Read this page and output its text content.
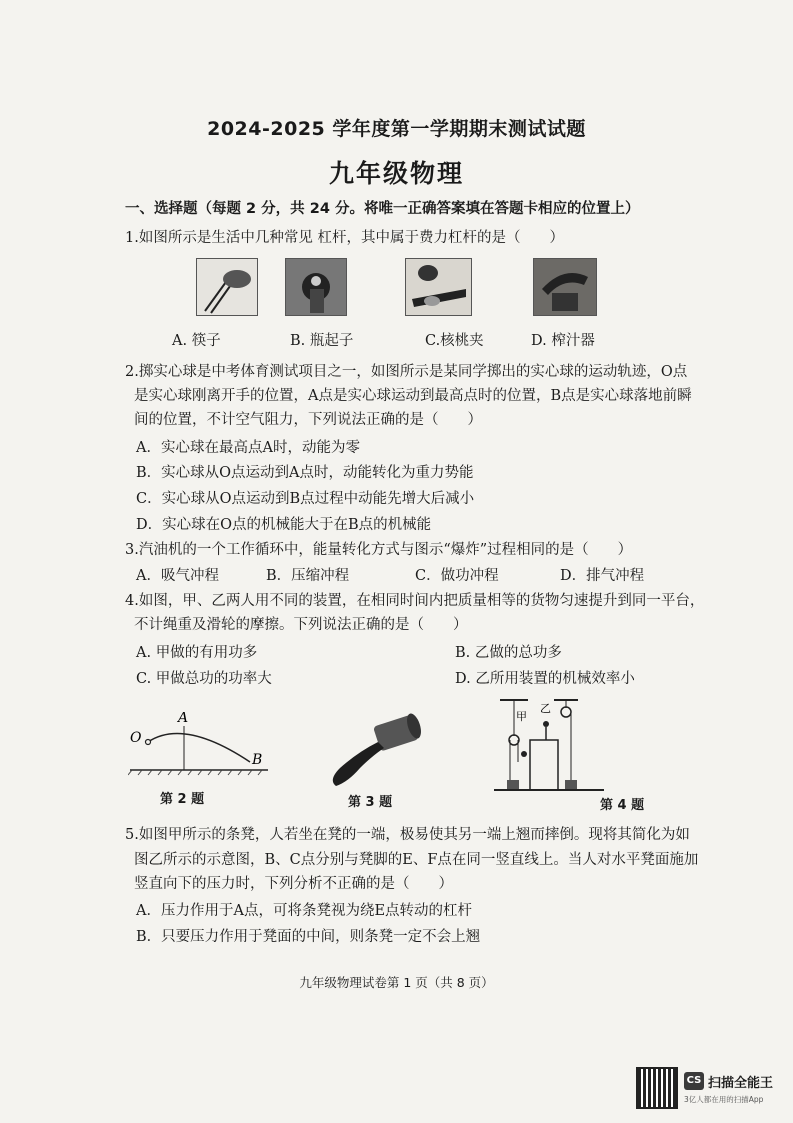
2024-2025 学年度第一学期期末测试试题
九年级物理
一、选择题（每题 2 分，共 24 分。将唯一正确答案填在答题卡相应的位置上）
1.如图所示是生活中几种常见 杠杆，其中属于费力杠杆的是（　　）
A. 筷子	B. 瓶起子	C.核桃夹	D. 榨汁器
2.掷实心球是中考体育测试项目之一，如图所示是某同学掷出的实心球的运动轨迹，O点
是实心球刚离开手的位置，A点是实心球运动到最高点时的位置，B点是实心球落地前瞬
间的位置，不计空气阻力，下列说法正确的是（　　）
A．实心球在最高点A时，动能为零
B．实心球从O点运动到A点时，动能转化为重力势能
C．实心球从O点运动到B点过程中动能先增大后减小
D．实心球在O点的机械能大于在B点的机械能
3.汽油机的一个工作循环中，能量转化方式与图示“爆炸”过程相同的是（　　）
A．吸气冲程	B．压缩冲程	C．做功冲程	D．排气冲程
4.如图，甲、乙两人用不同的装置，在相同时间内把质量相等的货物匀速提升到同一平台，
不计绳重及滑轮的摩擦。下列说法正确的是（　　）
A. 甲做的有用功多	B. 乙做的总功多
C. 甲做总功的功率大	D. 乙所用装置的机械效率小
O
A
B
第 2 题	第 3 题
甲
乙
第 4 题
5.如图甲所示的条凳，人若坐在凳的一端，极易使其另一端上翘而摔倒。现将其简化为如
图乙所示的示意图，B、C点分别与凳脚的E、F点在同一竖直线上。当人对水平凳面施加
竖直向下的压力时，下列分析不正确的是（　　）
A．压力作用于A点，可将条凳视为绕E点转动的杠杆
B．只要压力作用于凳面的中间，则条凳一定不会上翘
九年级物理试卷第 1 页（共 8 页）
CS 扫描全能王
3亿人都在用的扫描App
